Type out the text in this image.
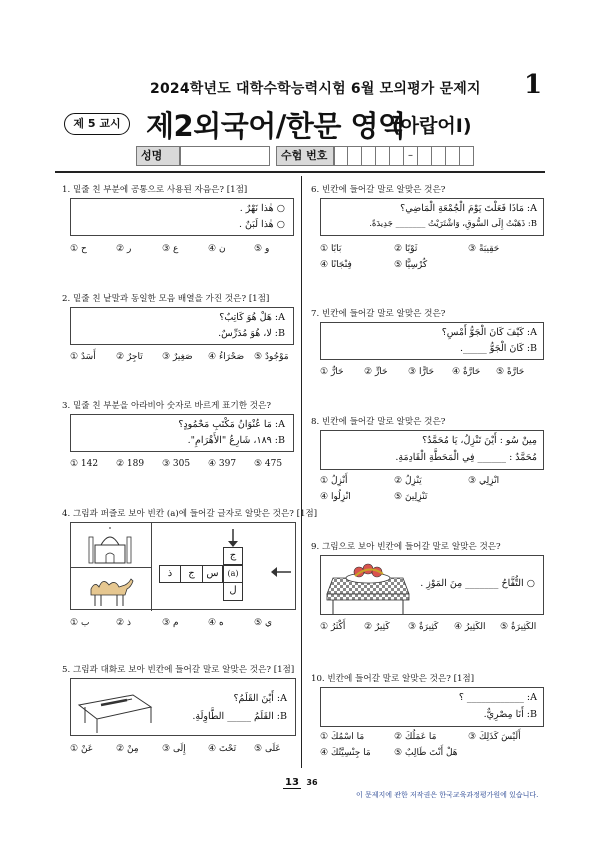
2024학년도 대학수학능력시험 6월 모의평가 문제지 1
제 5 교시 제2외국어/한문 영역
(아랍어Ⅰ)
성명	수험 번호	–
1. 밑줄 친 부분에 공통으로 사용된 자음은? [1점]
○ هٰذا نَهْرٌ .
○ هٰذا لَبَنٌ .
① ح	② ر	③ ع	④ ن	⑤ و
2. 밑줄 친 낱말과 동일한 모음 배열을 가진 것은? [1점]
A: هَلْ هُوَ كَاتِبٌ؟
B: لا، هُوَ مُدَرِّسٌ.
① أَسَدٌ ② تَاجِرٌ ③ صَغِيرٌ ④ صَحْرَاءُ ⑤ مَوْجُودٌ
3. 밑줄 친 부분을 아라비아 숫자로 바르게 표기한 것은?
A: مَا عُنْوَانُ مَكْتَبِ مَحْمُودٍ؟
B: ١٨٩، شَارِعُ "الأَهْرَامِ".
① 142 ② 189 ③ 305 ④ 397 ⑤ 475
4. 그림과 퍼즐로 보아 빈칸 (a)에 들어갈 글자로 알맞은 것은? [1점]
ج
ذ	ج	س	(a)
ل
① ب	② ذ	③ م	④ ه	⑤ ي
5. 그림과 대화로 보아 빈칸에 들어갈 말로 알맞은 것은? [1점]
A: أَيْنَ القَلَمُ؟
B: القَلَمُ _____ الطَّاوِلَةِ.
① عَنْ	② مِنْ	③ إِلَى ④ تَحْتَ ⑤ عَلَى
6. 빈칸에 들어갈 말로 알맞은 것은?
A: مَاذَا فَعَلْتَ يَوْمَ الْجُمْعَةِ الْمَاضِي؟
B: ذَهَبْتُ إِلَى السُّوقِ، وَاشْتَرَيْتُ _______ جَدِيدَةً.
① بَابًا	② ثَوْبًا	③ حَقِيبَةً
④ فِنْجَانًا	⑤ كُرْسِيًّا
7. 빈칸에 들어갈 말로 알맞은 것은?
A: كَيْفَ كَانَ الْجَوُّ أَمْسِ؟
B: كَانَ الْجَوُّ _____.
① حَارٌّ ② حَارٍّ ③ حَارًّا ④ حَارَّةٌ ⑤ حَارَّةً
8. 빈칸에 들어갈 말로 알맞은 것은?
مِينْ سُو : أَيْنَ تَنْزِلُ، يَا مُحَمَّدُ؟
مُحَمَّدٌ : ______ فِي الْمَحَطَّةِ الْقَادِمَةِ.
① أَنْزِلُ	② يَنْزِلُ	③ انْزِلِي
④ انْزِلُوا	⑤ تَنْزِلِينَ
9. 그림으로 보아 빈칸에 들어갈 말로 알맞은 것은?
○ التُّفَّاحُ _______ مِنَ المَوْزِ .
① أَكْثَرُ ② كَثِيرٌ ③ كَثِيرَةٌ ④ الكَثِيرُ ⑤ الكَثِيرَةُ
10. 빈칸에 들어갈 말로 알맞은 것은? [1점]
A: ____________ ؟
B: أَنَا مِصْرِيٌّ.
① مَا اسْمُكَ	② مَا عَمَلُكَ	③ أَلَيْسَ كَذَلِكَ
④ مَا جِنْسِيَّتُكَ	⑤ هَلْ أَنْتَ طَالِبٌ
13 36
이 문제지에 관한 저작권은 한국교육과정평가원에 있습니다.
